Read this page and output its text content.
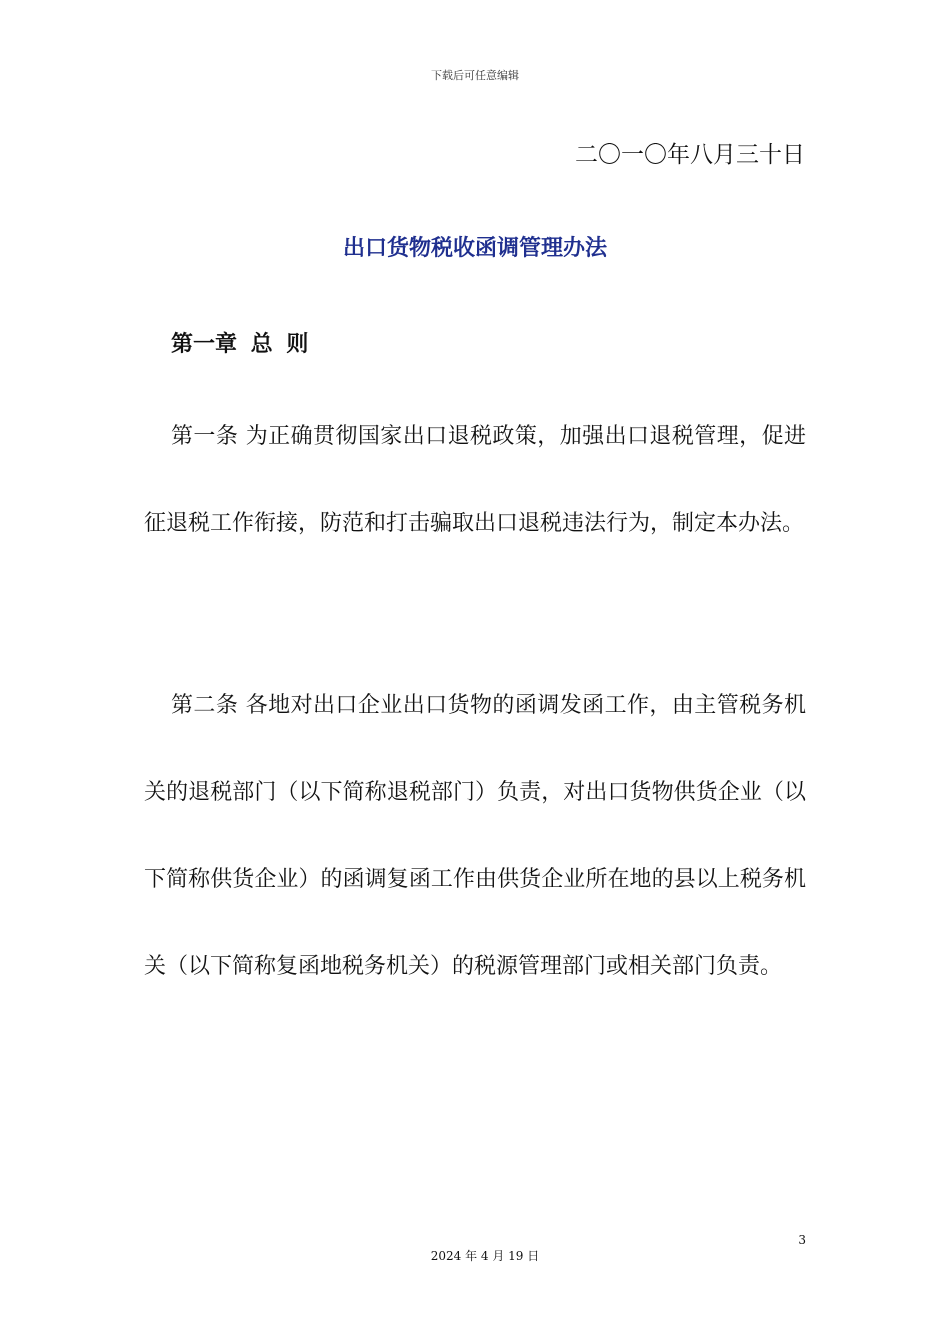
下载后可任意编辑
二〇一〇年八月三十日
出口货物税收函调管理办法
第一章 总 则

第一条 为正确贯彻国家出口退税政策，加强出口退税管理，促进征退税工作衔接，防范和打击骗取出口退税违法行为，制定本办法。

第二条 各地对出口企业出口货物的函调发函工作，由主管税务机关的退税部门（以下简称退税部门）负责，对出口货物供货企业（以下简称供货企业）的函调复函工作由供货企业所在地的县以上税务机关（以下简称复函地税务机关）的税源管理部门或相关部门负责。

3
2024 年 4 月 19 日
